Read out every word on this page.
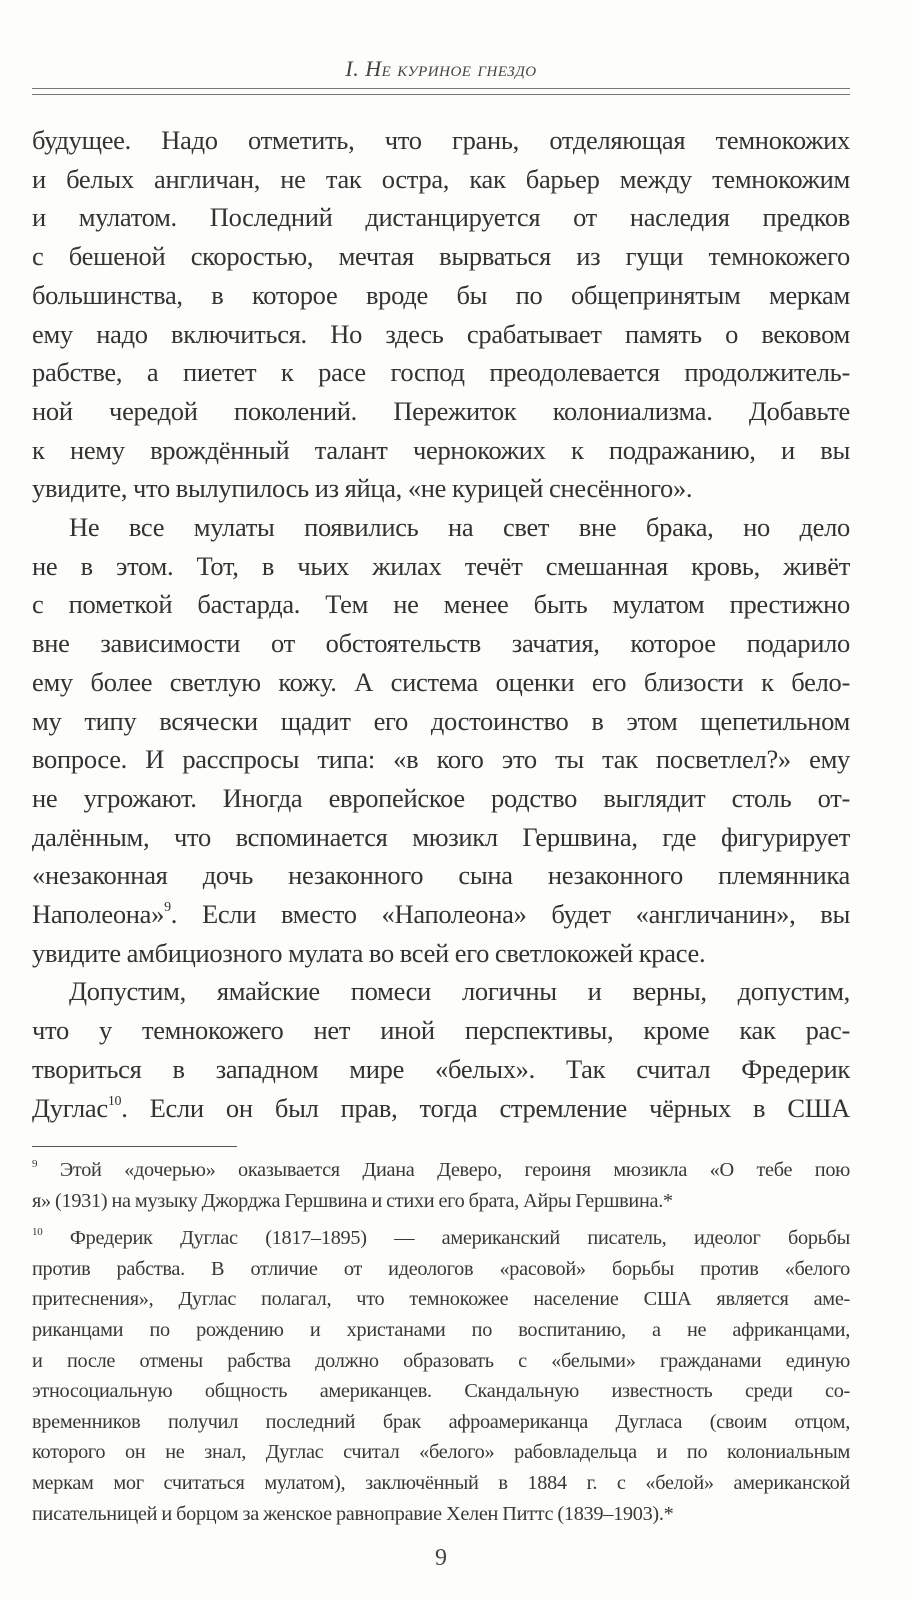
I. Не куриное гнездо

будущее. Надо отметить, что грань, отделяющая темнокожих
и белых англичан, не так остра, как барьер между темнокожим
и мулатом. Последний дистанцируется от наследия предков
с бешеной скоростью, мечтая вырваться из гущи темнокожего
большинства, в которое вроде бы по общепринятым меркам
ему надо включиться. Но здесь срабатывает память о вековом
рабстве, а пиетет к расе господ преодолевается продолжитель-
ной чередой поколений. Пережиток колониализма. Добавьте
к нему врождённый талант чернокожих к подражанию, и вы
увидите, что вылупилось из яйца, «не курицей снесённого».

Не все мулаты появились на свет вне брака, но дело
не в этом. Тот, в чьих жилах течёт смешанная кровь, живёт
с пометкой бастарда. Тем не менее быть мулатом престижно
вне зависимости от обстоятельств зачатия, которое подарило
ему более светлую кожу. А система оценки его близости к бело-
му типу всячески щадит его достоинство в этом щепетильном
вопросе. И расспросы типа: «в кого это ты так посветлел?» ему
не угрожают. Иногда европейское родство выглядит столь от-
далённым, что вспоминается мюзикл Гершвина, где фигурирует
«незаконная дочь незаконного сына незаконного племянника
Наполеона»$^9$. Если вместо «Наполеона» будет «англичанин», вы
увидите амбициозного мулата во всей его светлокожей красе.

Допустим, ямайские помеси логичны и верны, допустим,
что у темнокожего нет иной перспективы, кроме как рас-
твориться в западном мире «белых». Так считал Фредерик
Дуглас$^{10}$. Если он был прав, тогда стремление чёрных в США

$^9$ Этой «дочерью» оказывается Диана Деверо, героиня мюзикла «О тебе пою
я» (1931) на музыку Джорджа Гершвина и стихи его брата, Айры Гершвина.*
$^{10}$ Фредерик Дуглас (1817–1895) — американский писатель, идеолог борьбы
против рабства. В отличие от идеологов «расовой» борьбы против «белого
притеснения», Дуглас полагал, что темнокожее население США является аме-
риканцами по рождению и христанами по воспитанию, а не африканцами,
и после отмены рабства должно образовать с «белыми» гражданами единую
этносоциальную общность американцев. Скандальную известность среди со-
временников получил последний брак афроамериканца Дугласа (своим отцом,
которого он не знал, Дуглас считал «белого» рабовладельца и по колониальным
меркам мог считаться мулатом), заключённый в 1884 г. с «белой» американской
писательницей и борцом за женское равноправие Хелен Питтс (1839–1903).*
9
